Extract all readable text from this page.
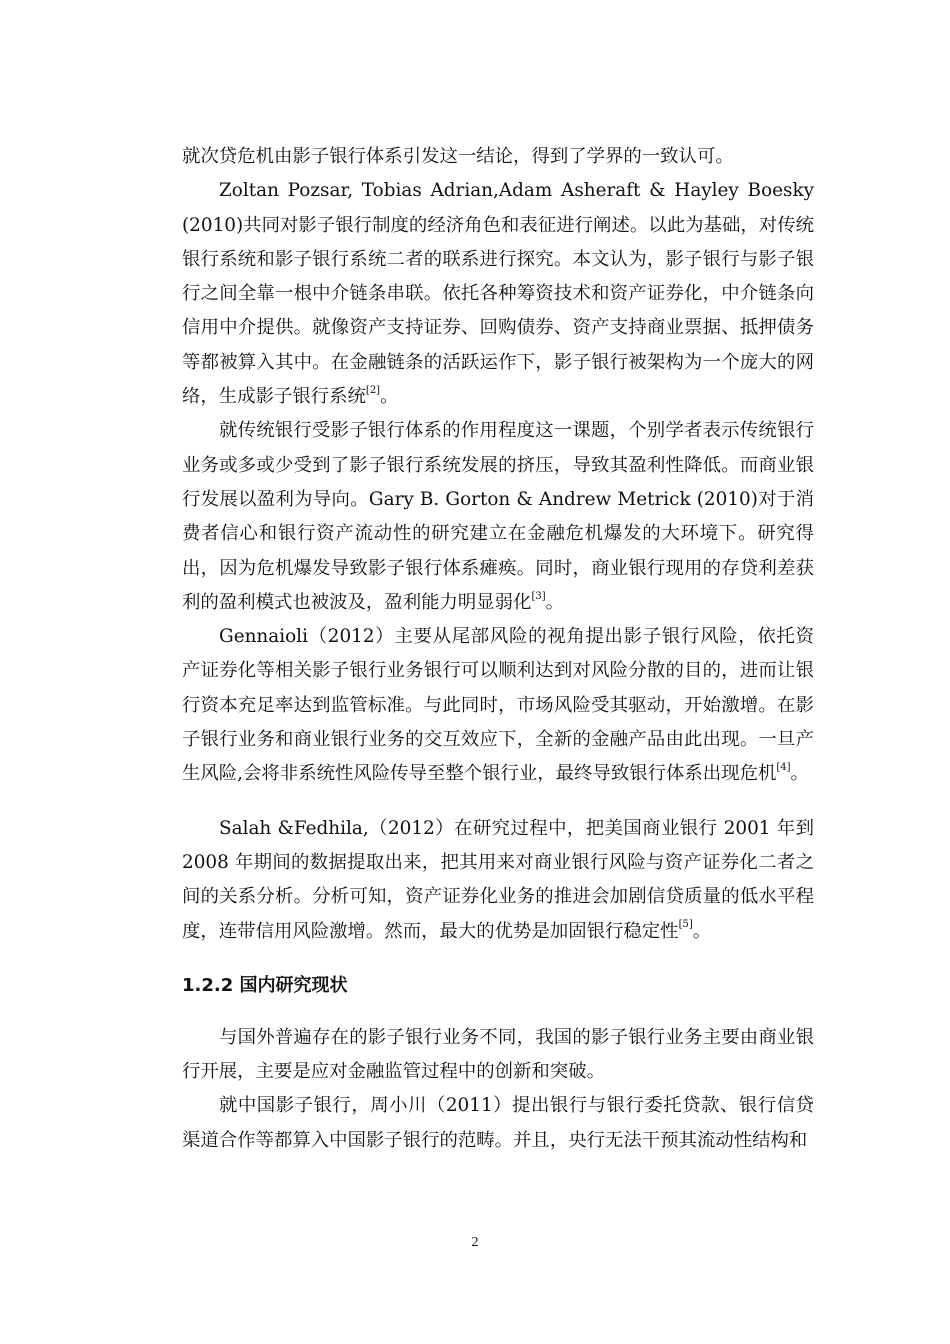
就次贷危机由影子银行体系引发这一结论，得到了学界的一致认可。

Zoltan Pozsar, Tobias Adrian,Adam Asheraft & Hayley Boesky (2010)共同对影子银行制度的经济角色和表征进行阐述。以此为基础，对传统银行系统和影子银行系统二者的联系进行探究。本文认为，影子银行与影子银行之间全靠一根中介链条串联。依托各种筹资技术和资产证券化，中介链条向信用中介提供。就像资产支持证券、回购债券、资产支持商业票据、抵押债务等都被算入其中。在金融链条的活跃运作下，影子银行被架构为一个庞大的网络，生成影子银行系统[2]。

就传统银行受影子银行体系的作用程度这一课题，个别学者表示传统银行业务或多或少受到了影子银行系统发展的挤压，导致其盈利性降低。而商业银行发展以盈利为导向。Gary B. Gorton & Andrew Metrick (2010)对于消费者信心和银行资产流动性的研究建立在金融危机爆发的大环境下。研究得出，因为危机爆发导致影子银行体系瘫痪。同时，商业银行现用的存贷利差获利的盈利模式也被波及，盈利能力明显弱化[3]。

Gennaioli（2012）主要从尾部风险的视角提出影子银行风险，依托资产证券化等相关影子银行业务银行可以顺利达到对风险分散的目的，进而让银行资本充足率达到监管标准。与此同时，市场风险受其驱动，开始激增。在影子银行业务和商业银行业务的交互效应下，全新的金融产品由此出现。一旦产生风险,会将非系统性风险传导至整个银行业，最终导致银行体系出现危机[4]。

Salah &Fedhila,（2012）在研究过程中，把美国商业银行 2001 年到 2008 年期间的数据提取出来，把其用来对商业银行风险与资产证券化二者之间的关系分析。分析可知，资产证券化业务的推进会加剧信贷质量的低水平程度，连带信用风险激增。然而，最大的优势是加固银行稳定性[5]。

1.2.2 国内研究现状

与国外普遍存在的影子银行业务不同，我国的影子银行业务主要由商业银行开展，主要是应对金融监管过程中的创新和突破。

就中国影子银行，周小川（2011）提出银行与银行委托贷款、银行信贷渠道合作等都算入中国影子银行的范畴。并且，央行无法干预其流动性结构和

2
